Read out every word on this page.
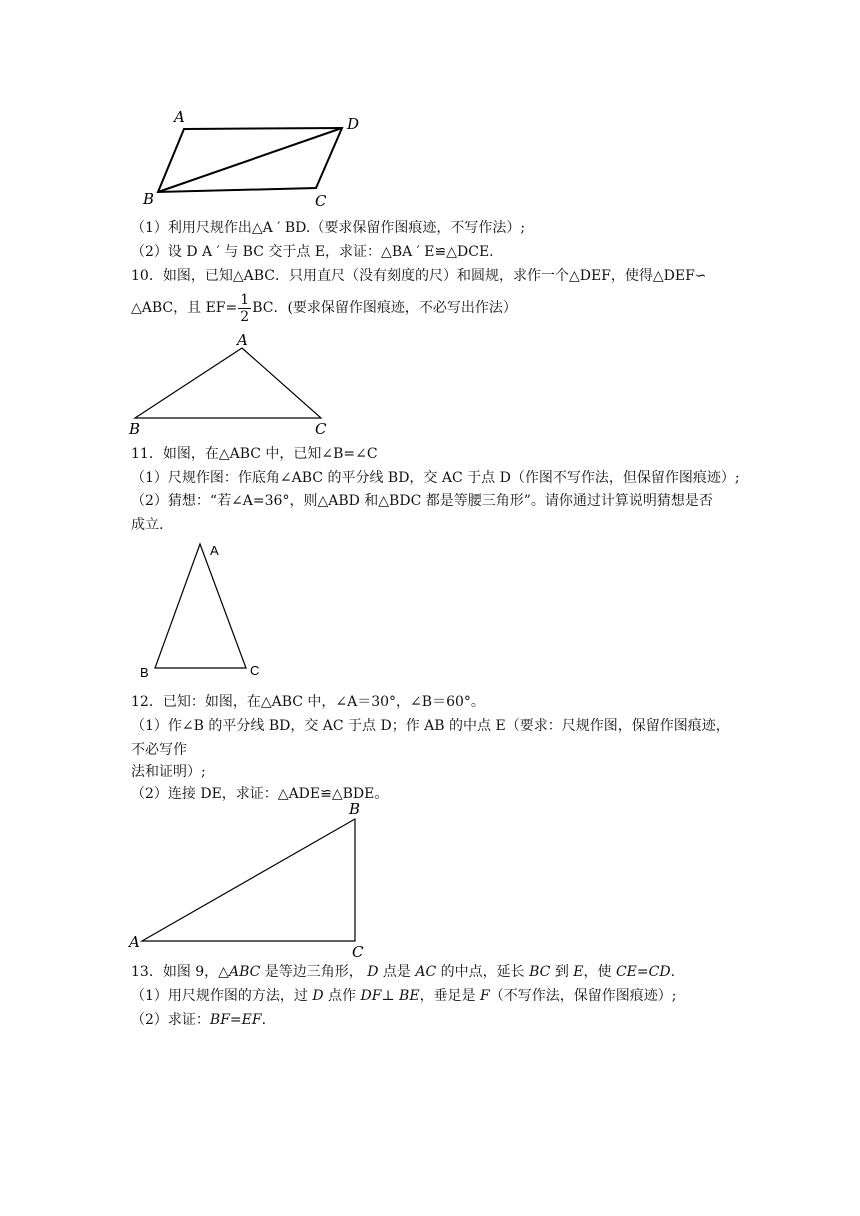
A	D
B	C
（1）利用尺规作出△A ′ BD.（要求保留作图痕迹，不写作法）;
（2）设 D A ′ 与 BC 交于点 E，求证：△BA ′ E≌△DCE.
10．如图，已知△ABC．只用直尺（没有刻度的尺）和圆规，求作一个△DEF，使得△DEF∽
△ABC，且 $EF= \frac{1}{2}$ BC．(要求保留作图痕迹，不必写出作法）
A
B	C
11．如图，在△ABC 中，已知∠B=∠C
（1）尺规作图：作底角∠ABC 的平分线 BD，交 AC 于点 D（作图不写作法，但保留作图痕迹）;
（2）猜想：“若∠A=36°，则△ABD 和△BDC 都是等腰三角形”。请你通过计算说明猜想是否
成立.
A
B	C
12．已知：如图，在△ABC 中，∠A＝30°，∠B＝60°。
（1）作∠B 的平分线 BD，交 AC 于点 D；作 AB 的中点 E（要求：尺规作图，保留作图痕迹，
不必写作
法和证明）;
（2）连接 DE，求证：△ADE≌△BDE。
B
A
C
13．如图 9，△ABC 是等边三角形， D 点是 AC 的中点，延长 BC 到 E，使 CE=CD.
（1）用尺规作图的方法，过 D 点作 DF⊥ BE，垂足是 F（不写作法，保留作图痕迹）;
（2）求证：BF=EF.
